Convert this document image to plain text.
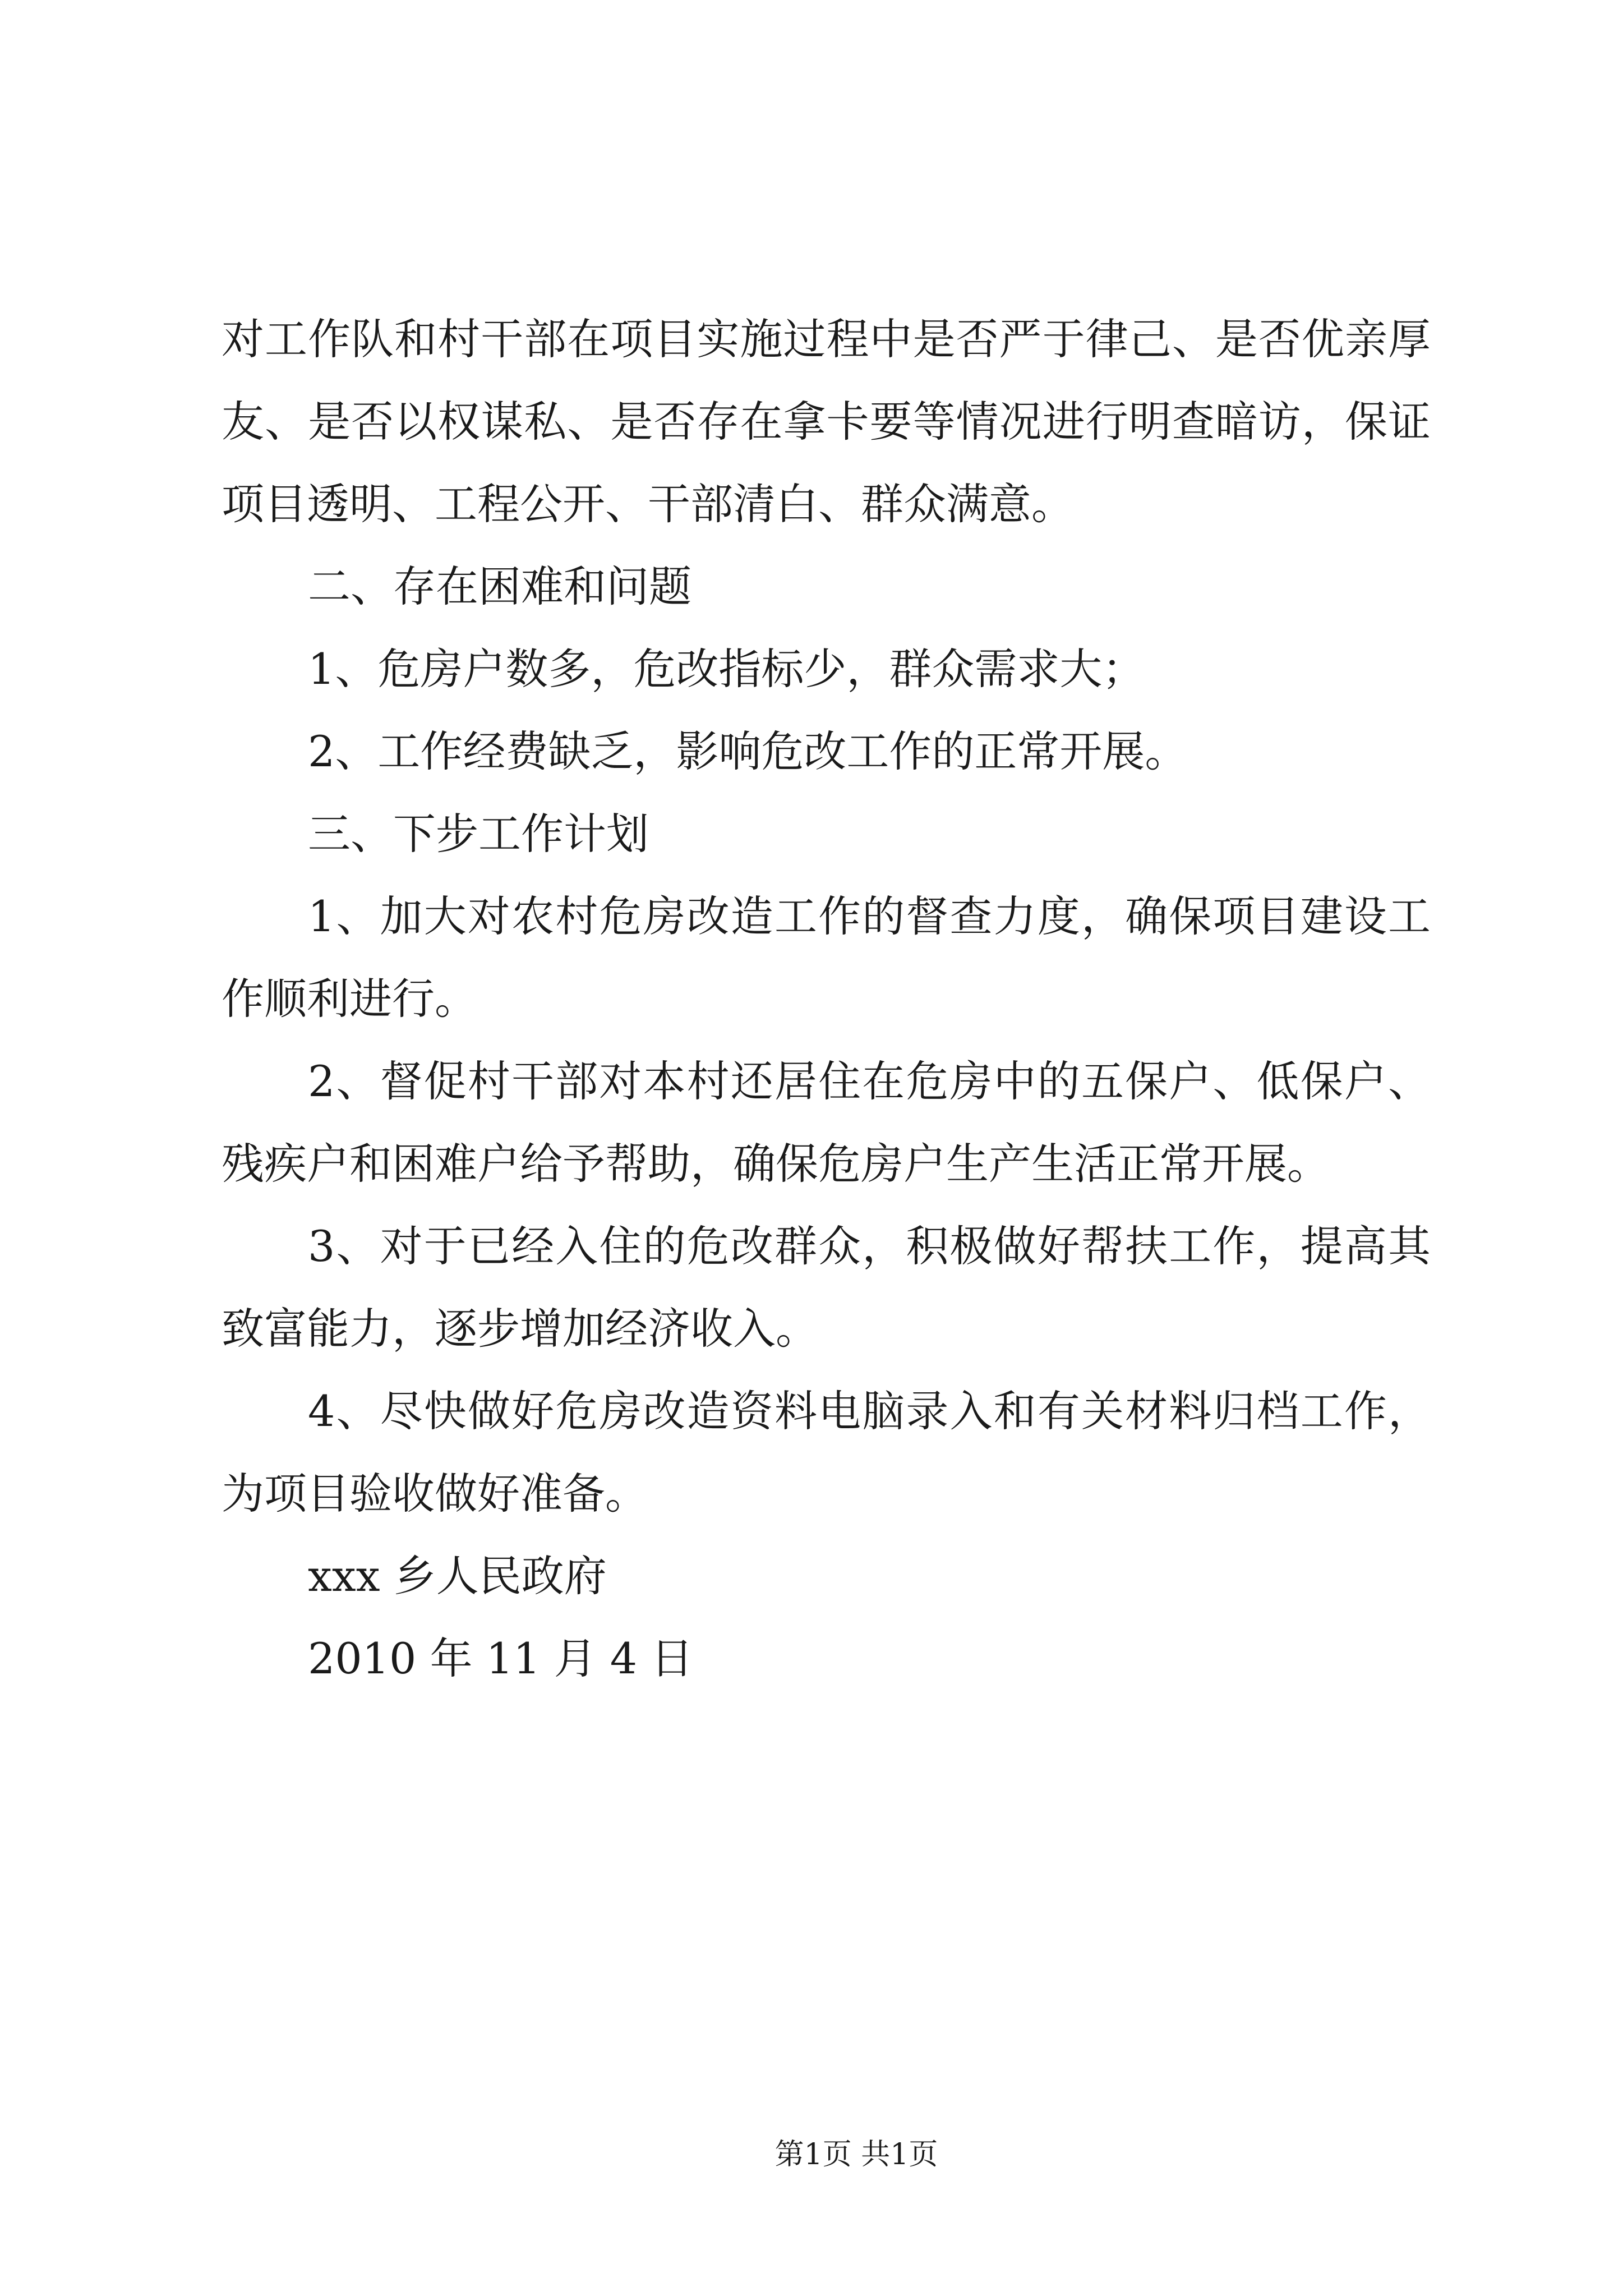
对工作队和村干部在项目实施过程中是否严于律己、是否优亲厚
友、是否以权谋私、是否存在拿卡要等情况进行明查暗访，保证
项目透明、工程公开、干部清白、群众满意。
二、存在困难和问题
1、危房户数多，危改指标少，群众需求大；
2、工作经费缺乏，影响危改工作的正常开展。
三、下步工作计划
1、加大对农村危房改造工作的督查力度，确保项目建设工
作顺利进行。
2、督促村干部对本村还居住在危房中的五保户、低保户、
残疾户和困难户给予帮助，确保危房户生产生活正常开展。
3、对于已经入住的危改群众，积极做好帮扶工作，提高其
致富能力，逐步增加经济收入。
4、尽快做好危房改造资料电脑录入和有关材料归档工作，
为项目验收做好准备。
xxx 乡人民政府
2010 年 11 月 4 日
第1页 共1页
